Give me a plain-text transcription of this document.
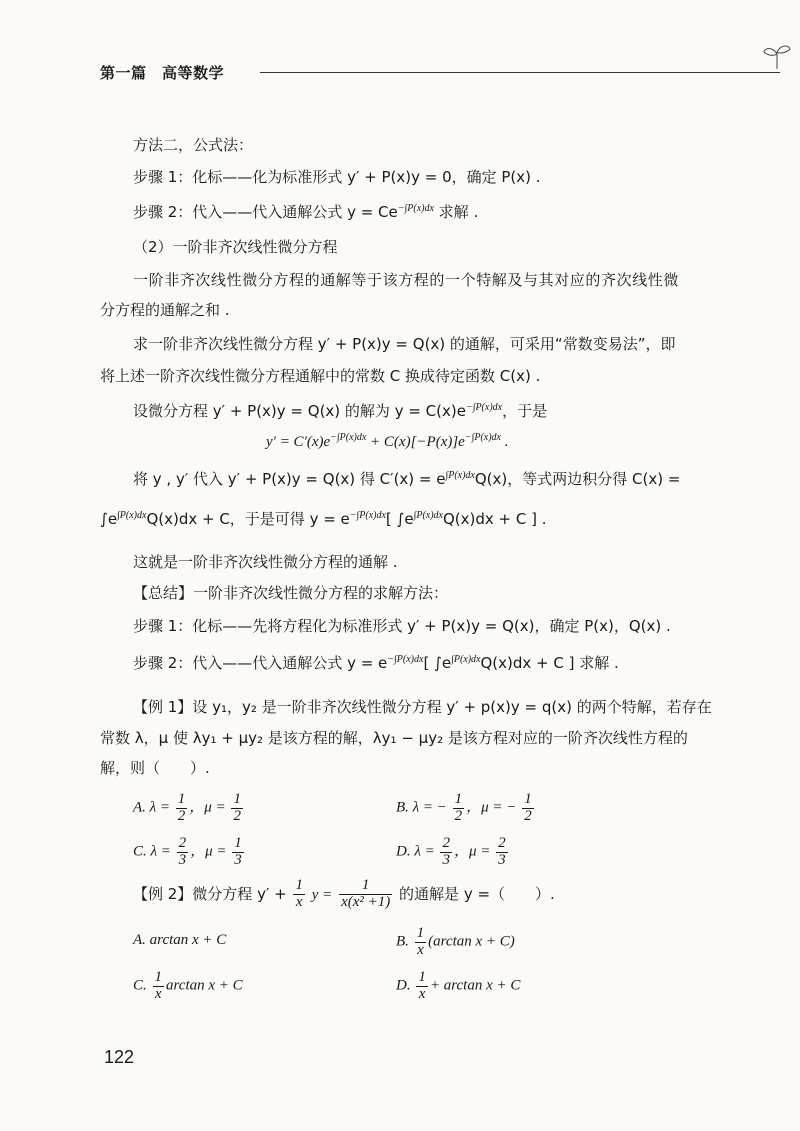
第一篇　高等数学
方法二，公式法：
步骤 1：化标——化为标准形式 y′ + P(x)y = 0，确定 P(x) .
步骤 2：代入——代入通解公式 $y = Ce^{-\int P(x)dx}$ 求解 .
（2）一阶非齐次线性微分方程
一阶非齐次线性微分方程的通解等于该方程的一个特解及与其对应的齐次线性微
分方程的通解之和 .
求一阶非齐次线性微分方程 y′ + P(x)y = Q(x) 的通解，可采用“常数变易法”，即
将上述一阶齐次线性微分方程通解中的常数 C 换成待定函数 C(x) .
设微分方程 y′ + P(x)y = Q(x) 的解为 $y = C(x)e^{-\int P(x)dx}$，于是
$y' = C'(x)e^{-\int P(x)dx} + C(x)[-P(x)]e^{-\int P(x)dx}$ .
将 y , y′ 代入 y′ + P(x)y = Q(x) 得 $C'(x) = e^{\int P(x)dx}Q(x)$，等式两边积分得 C(x) =
$\int e^{\int P(x)dx}Q(x)dx + C$，于是可得 $y = e^{-\int P(x)dx}$[ $\int e^{\int P(x)dx}Q(x)dx + C$ ] .
这就是一阶非齐次线性微分方程的通解 .
【总结】一阶非齐次线性微分方程的求解方法：
步骤 1：化标——先将方程化为标准形式 y′ + P(x)y = Q(x)，确定 P(x)，Q(x) .
步骤 2：代入——代入通解公式 $y = e^{-\int P(x)dx}$[ $\int e^{\int P(x)dx}Q(x)dx + C$ ] 求解 .
【例 1】设 y₁，y₂ 是一阶非齐次线性微分方程 y′ + p(x)y = q(x) 的两个特解，若存在
常数 λ，μ 使 λy₁ + μy₂ 是该方程的解，λy₁ − μy₂ 是该方程对应的一阶齐次线性方程的
解，则（　　）.
A. $\lambda = \frac{1}{2}$ ，$\mu = \frac{1}{2}$	B. λ = − $\frac{1}{2}$ ，μ = − $\frac{1}{2}$
C. $\lambda = \frac{2}{3}$ ，$\mu = \frac{1}{3}$	D. $\lambda = \frac{2}{3}$ ，$\mu = \frac{2}{3}$
【例 2】微分方程 $y' + \frac{1}{x}$ $y = \frac{1}{\text{x(x² +1)}}$ 的通解是 y =（　　）.
A. arctan x + C	B. $\frac{1}{x} (\arctan$ x + C)
C. $\frac{1}{x}$ arctan x + C	D. $\frac{1}{x} + \arctan x + C$
122
